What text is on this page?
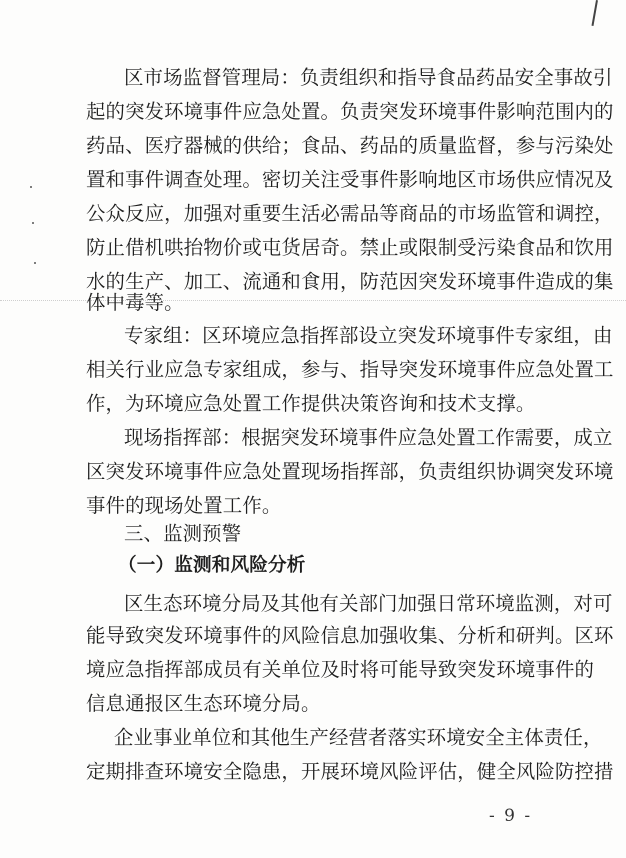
区市场监督管理局：负责组织和指导食品药品安全事故引
起的突发环境事件应急处置。负责突发环境事件影响范围内的
药品、医疗器械的供给；食品、药品的质量监督，参与污染处
置和事件调查处理。密切关注受事件影响地区市场供应情况及
公众反应，加强对重要生活必需品等商品的市场监管和调控，
防止借机哄抬物价或屯货居奇。禁止或限制受污染食品和饮用
水的生产、加工、流通和食用，防范因突发环境事件造成的集
体中毒等。
专家组：区环境应急指挥部设立突发环境事件专家组，由
相关行业应急专家组成，参与、指导突发环境事件应急处置工
作，为环境应急处置工作提供决策咨询和技术支撑。
现场指挥部：根据突发环境事件应急处置工作需要，成立
区突发环境事件应急处置现场指挥部，负责组织协调突发环境
事件的现场处置工作。
三、监测预警
（一）监测和风险分析
区生态环境分局及其他有关部门加强日常环境监测，对可
能导致突发环境事件的风险信息加强收集、分析和研判。区环
境应急指挥部成员有关单位及时将可能导致突发环境事件的
信息通报区生态环境分局。
企业事业单位和其他生产经营者落实环境安全主体责任，
定期排查环境安全隐患，开展环境风险评估，健全风险防控措
- 9 -
